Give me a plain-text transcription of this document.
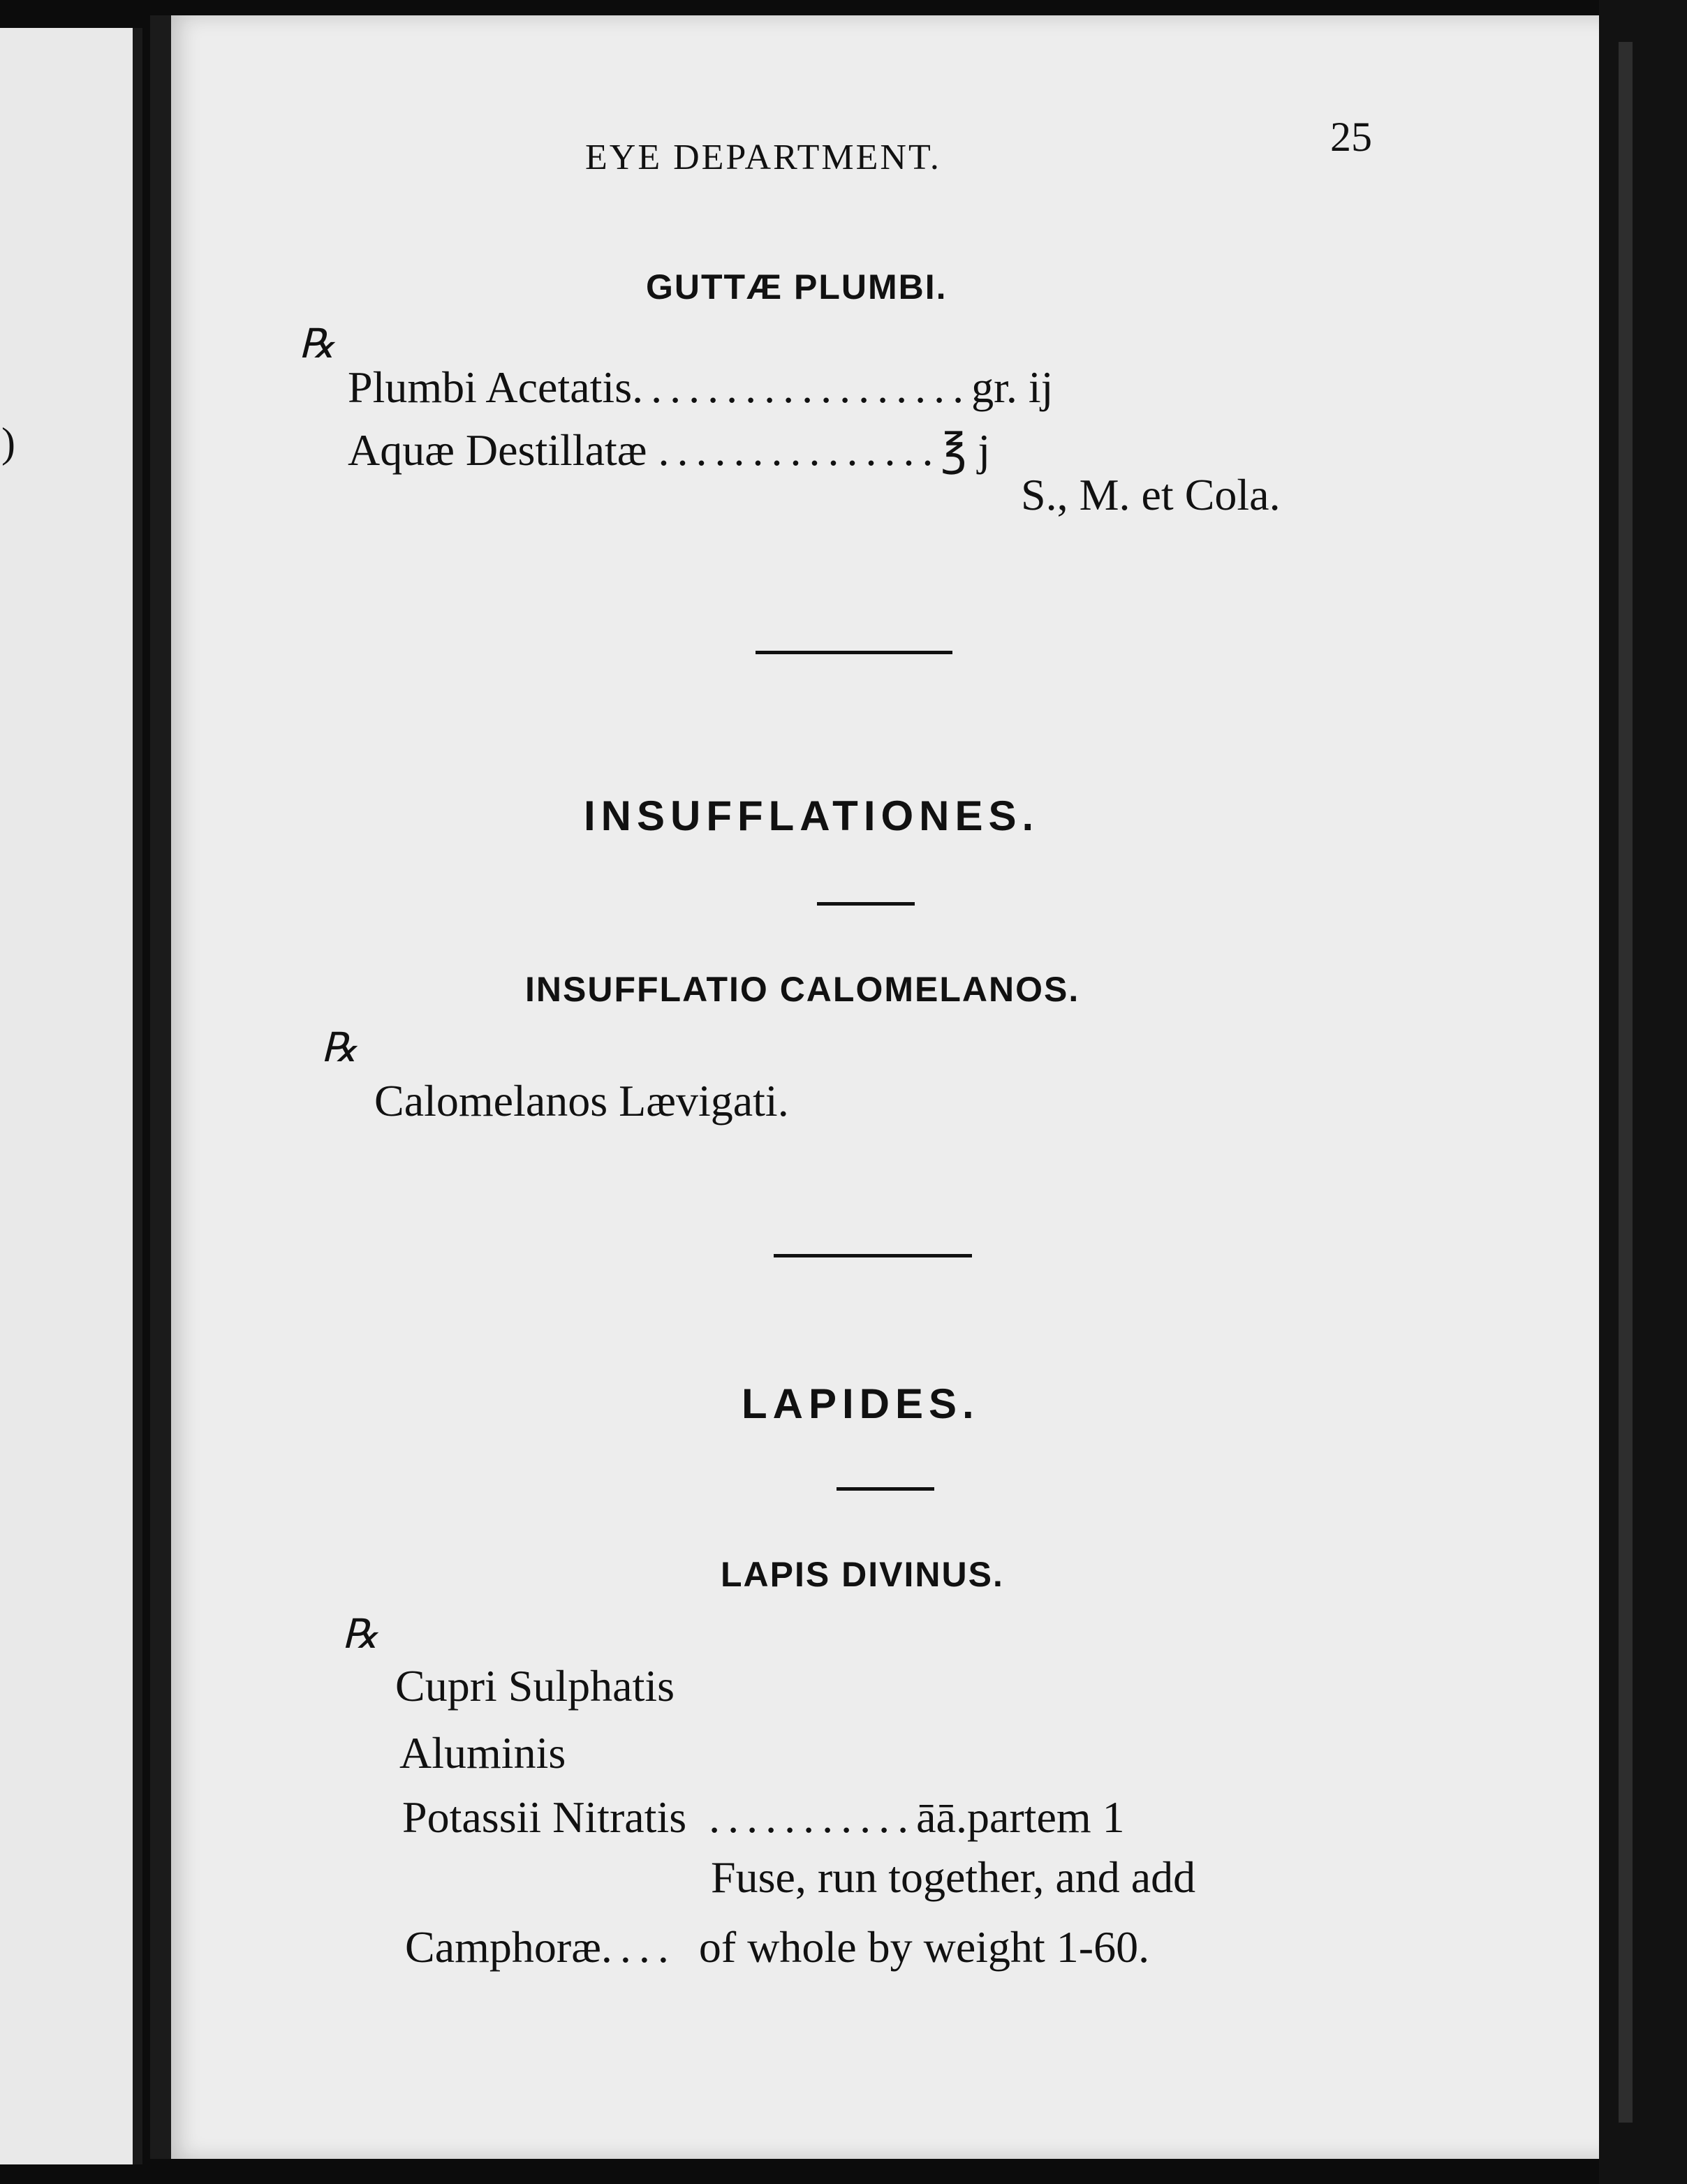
)
EYE DEPARTMENT.	25
GUTTÆ PLUMBI.
℞
Plumbi Acetatis..................gr. ij
Aquæ Destillatæ ...............℥ j
S., M. et Cola.
INSUFFLATIONES.
INSUFFLATIO CALOMELANOS.
℞
Calomelanos Lævigati.
LAPIDES.
LAPIS DIVINUS.
℞
Cupri Sulphatis
Aluminis
Potassii Nitratis ...........āā.partem 1
Fuse, run together, and add
Camphoræ.... of whole by weight 1-60.
